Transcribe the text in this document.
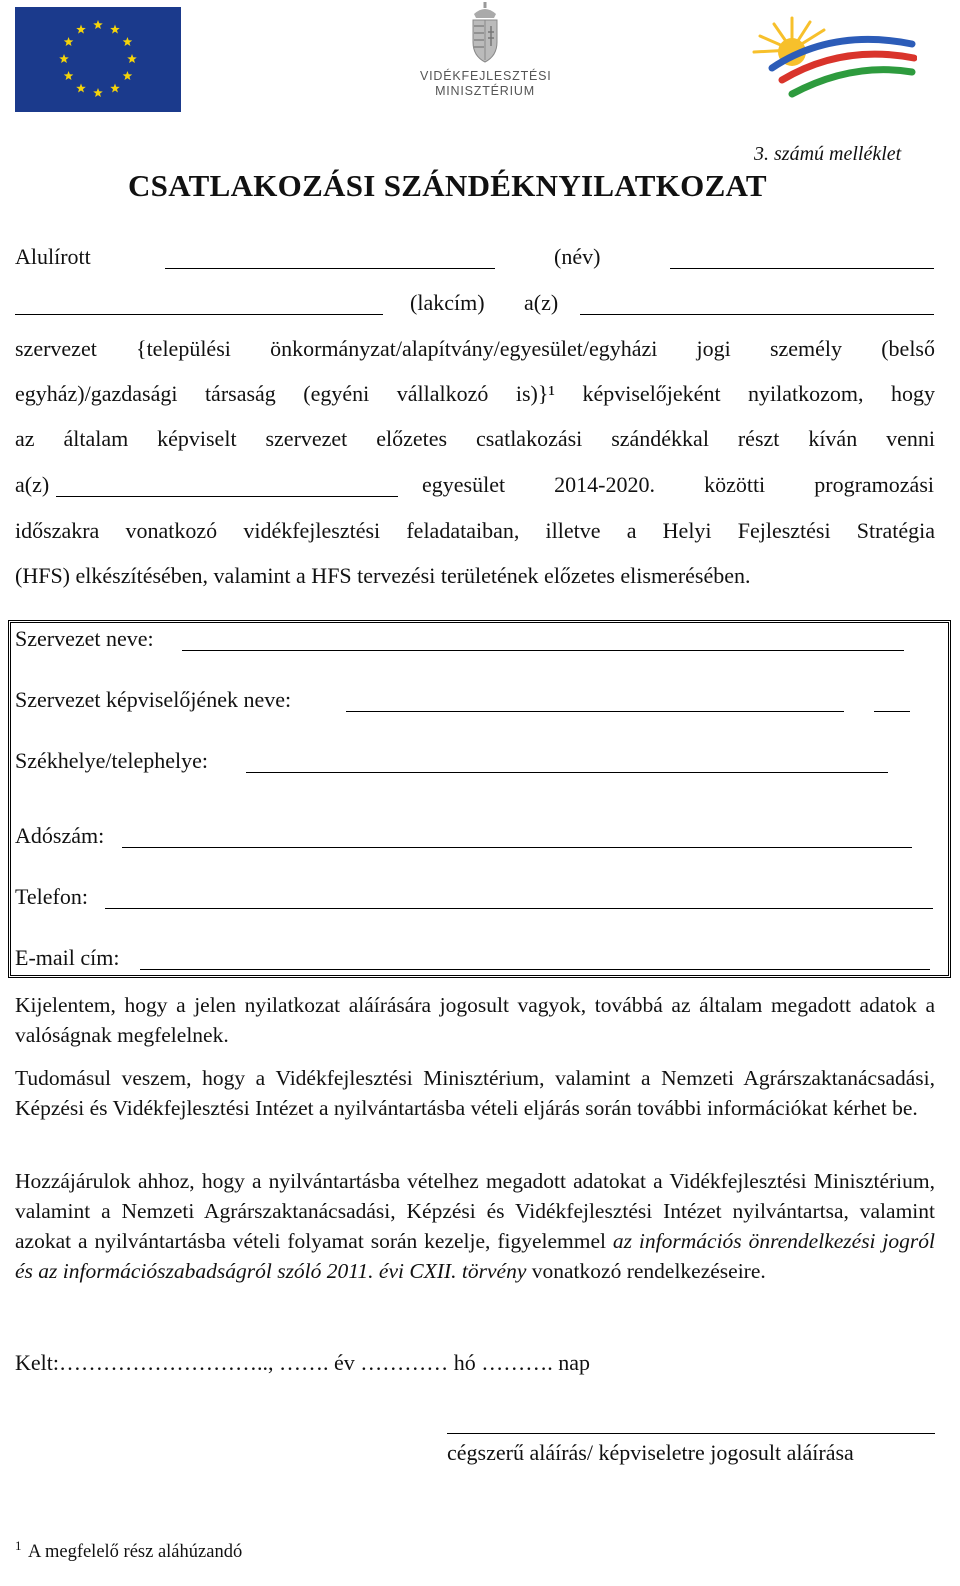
VIDÉKFEJLESZTÉSI
MINISZTÉRIUM
3. számú melléklet
CSATLAKOZÁSI SZÁNDÉKNYILATKOZAT
Alulírott	(név)
(lakcím) a(z)
szervezet {települési önkormányzat/alapítvány/egyesület/egyházi jogi személy (belső
egyház)/gazdasági társaság (egyéni vállalkozó is)}¹ képviselőjeként nyilatkozom, hogy
az általam képviselt szervezet előzetes csatlakozási szándékkal részt kíván venni
a(z)	egyesület 2014-2020. közötti programozási
időszakra vonatkozó vidékfejlesztési feladataiban, illetve a Helyi Fejlesztési Stratégia
(HFS) elkészítésében, valamint a HFS tervezési területének előzetes elismerésében.
Szervezet neve:
Szervezet képviselőjének neve:
Székhelye/telephelye:
Adószám:
Telefon:
E-mail cím:
Kijelentem, hogy a jelen nyilatkozat aláírására jogosult vagyok, továbbá az általam megadott adatok a valóságnak megfelelnek.
Tudomásul veszem, hogy a Vidékfejlesztési Minisztérium, valamint a Nemzeti Agrárszaktanácsadási, Képzési és Vidékfejlesztési Intézet a nyilvántartásba vételi eljárás során további információkat kérhet be.
Hozzájárulok ahhoz, hogy a nyilvántartásba vételhez megadott adatokat a Vidékfejlesztési Minisztérium, valamint a Nemzeti Agrárszaktanácsadási, Képzési és Vidékfejlesztési Intézet nyilvántartsa, valamint azokat a nyilvántartásba vételi folyamat során kezelje, figyelemmel az információs önrendelkezési jogról és az információszabadságról szóló 2011. évi CXII. törvény vonatkozó rendelkezéseire.
Kelt:……………………….., ……. év ………… hó ………. nap
cégszerű aláírás/ képviseletre jogosult aláírása
1 A megfelelő rész aláhúzandó
